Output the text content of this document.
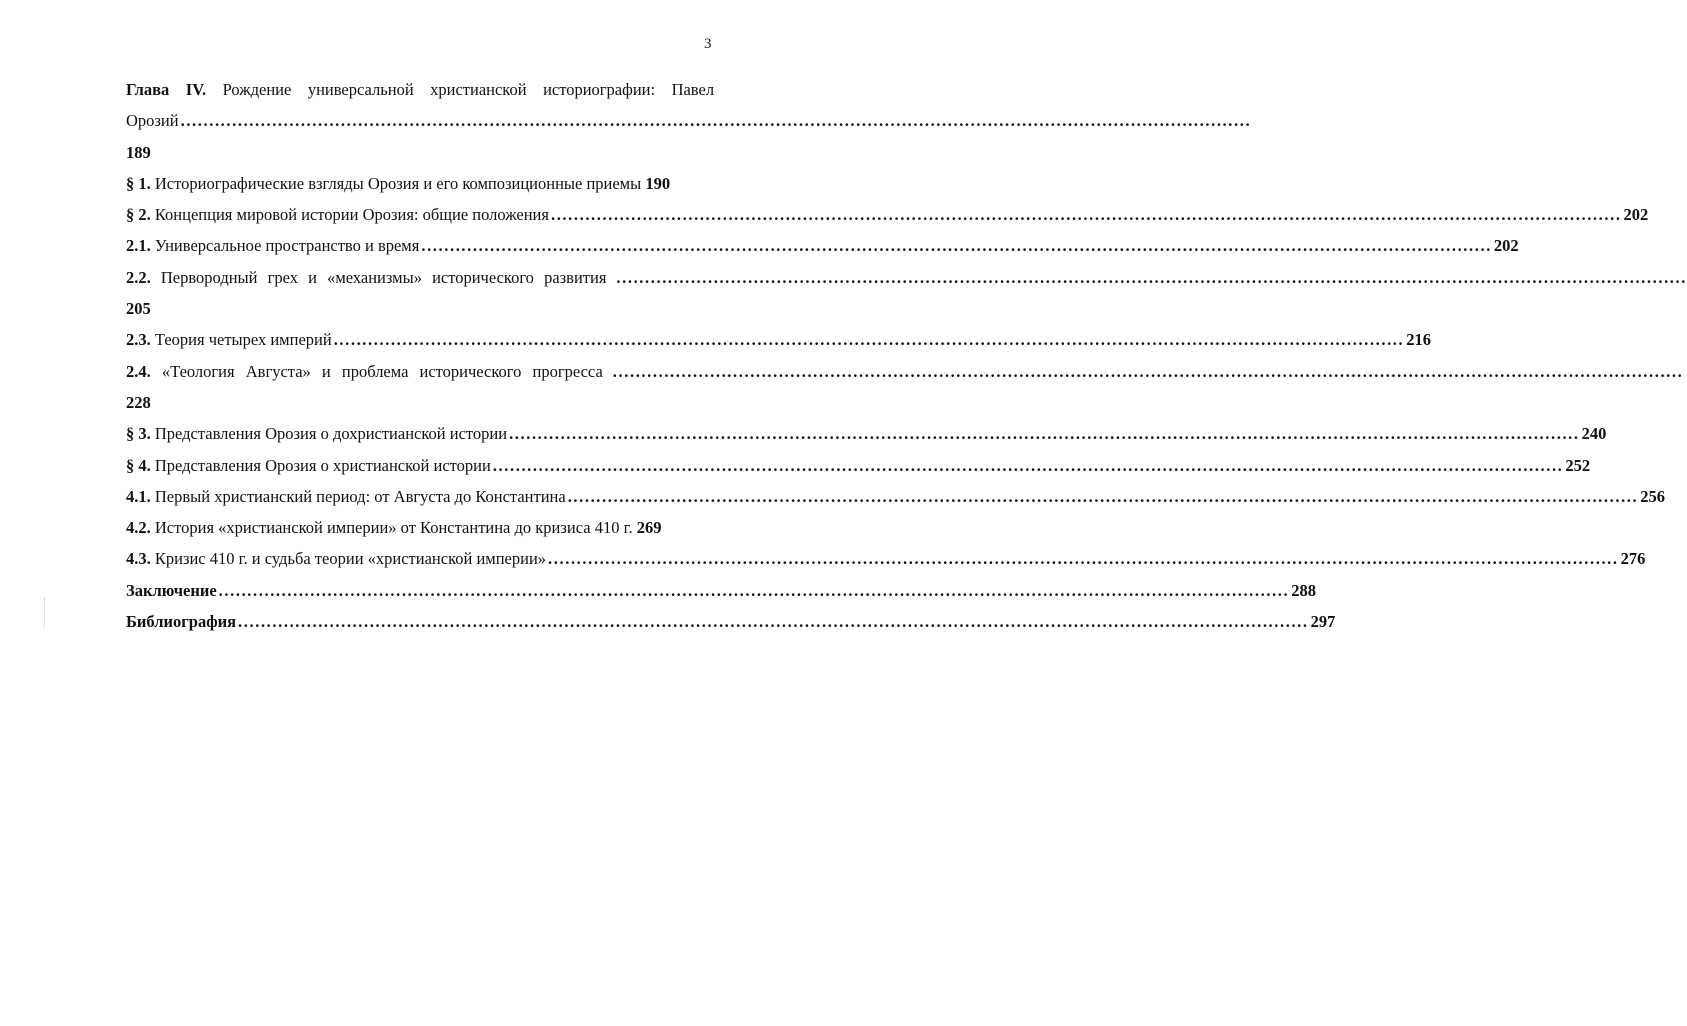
3
Глава IV. Рождение универсальной христианской историографии: Павел
Орозий ...........................................................................................................................................................................................
189
§ 1. Историографические взгляды Орозия и его композиционные приемы 190
§ 2. Концепция мировой истории Орозия: общие положения ........................................................................................................................................................................................... 202
2.1. Универсальное пространство и время ........................................................................................................................................................................................... 202
2.2. Первородный грех и «механизмы» исторического развития ...........................................................................................................................................................................................
205
2.3. Теория четырех империй ........................................................................................................................................................................................... 216
2.4. «Теология Августа» и проблема исторического прогресса ...........................................................................................................................................................................................
228
§ 3. Представления Орозия о дохристианской истории ........................................................................................................................................................................................... 240
§ 4. Представления Орозия о христианской истории ........................................................................................................................................................................................... 252
4.1. Первый христианский период: от Августа до Константина ........................................................................................................................................................................................... 256
4.2. История «христианской империи» от Константина до кризиса 410 г. 269
4.3. Кризис 410 г. и судьба теории «христианской империи» ........................................................................................................................................................................................... 276
Заключение ........................................................................................................................................................................................... 288
Библиография ........................................................................................................................................................................................... 297
